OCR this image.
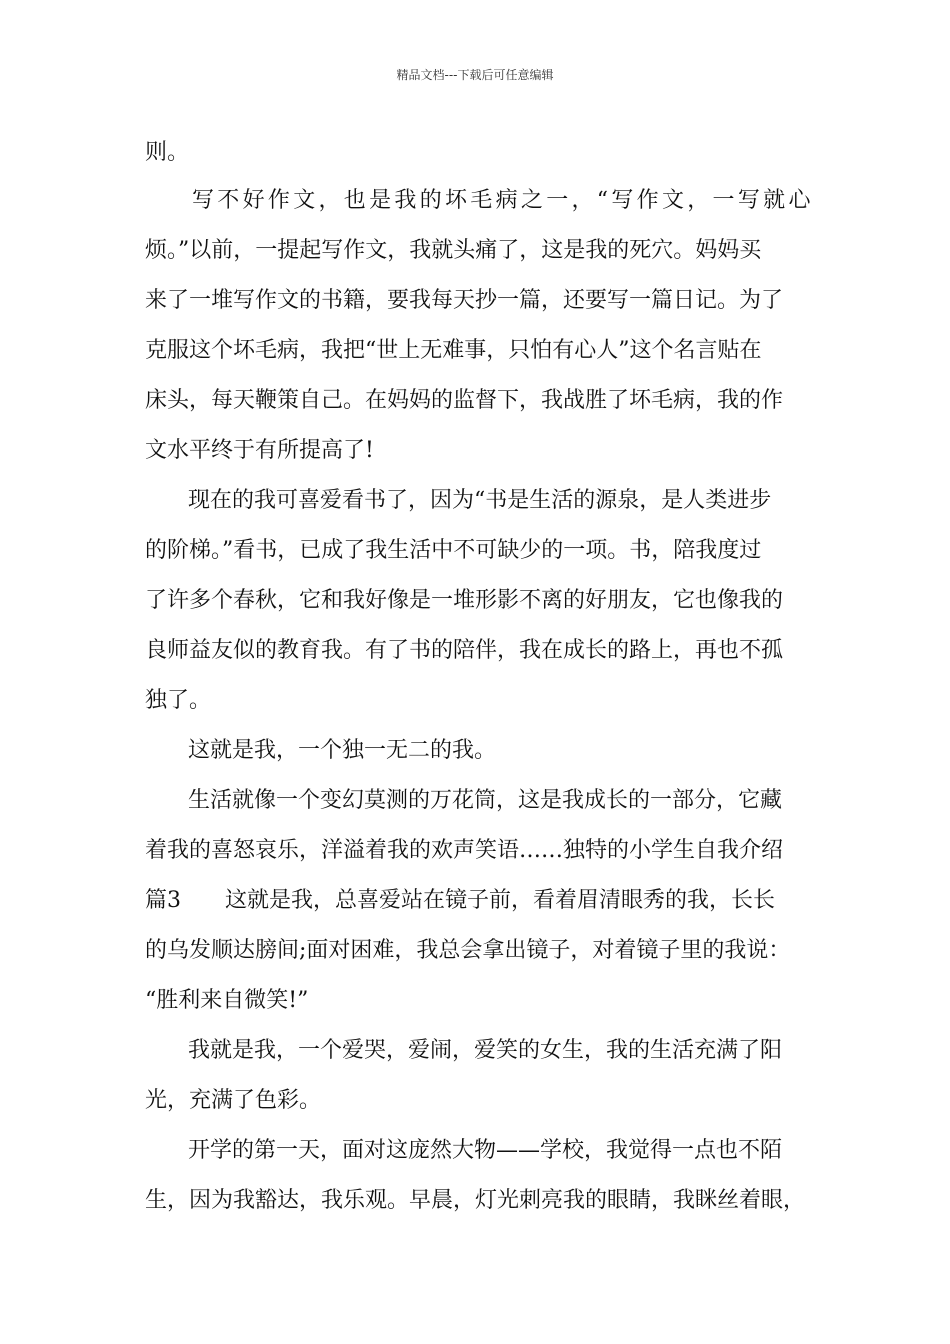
精品文档---下载后可任意编辑
则。
写不好作文，也是我的坏毛病之一，“写作文，一写就心
烦。”以前，一提起写作文，我就头痛了，这是我的死穴。妈妈买
来了一堆写作文的书籍，要我每天抄一篇，还要写一篇日记。为了
克服这个坏毛病，我把“世上无难事，只怕有心人”这个名言贴在
床头，每天鞭策自己。在妈妈的监督下，我战胜了坏毛病，我的作
文水平终于有所提高了!
现在的我可喜爱看书了，因为“书是生活的源泉，是人类进步
的阶梯。”看书，已成了我生活中不可缺少的一项。书，陪我度过
了许多个春秋，它和我好像是一堆形影不离的好朋友，它也像我的
良师益友似的教育我。有了书的陪伴，我在成长的路上，再也不孤
独了。
这就是我，一个独一无二的我。
生活就像一个变幻莫测的万花筒，这是我成长的一部分，它藏
着我的喜怒哀乐，洋溢着我的欢声笑语……独特的小学生自我介绍
篇3　　这就是我，总喜爱站在镜子前，看着眉清眼秀的我，长长
的乌发顺达膀间;面对困难，我总会拿出镜子，对着镜子里的我说：
“胜利来自微笑!”
我就是我，一个爱哭，爱闹，爱笑的女生，我的生活充满了阳
光，充满了色彩。
开学的第一天，面对这庞然大物——学校，我觉得一点也不陌
生，因为我豁达，我乐观。早晨，灯光刺亮我的眼睛，我眯丝着眼，
